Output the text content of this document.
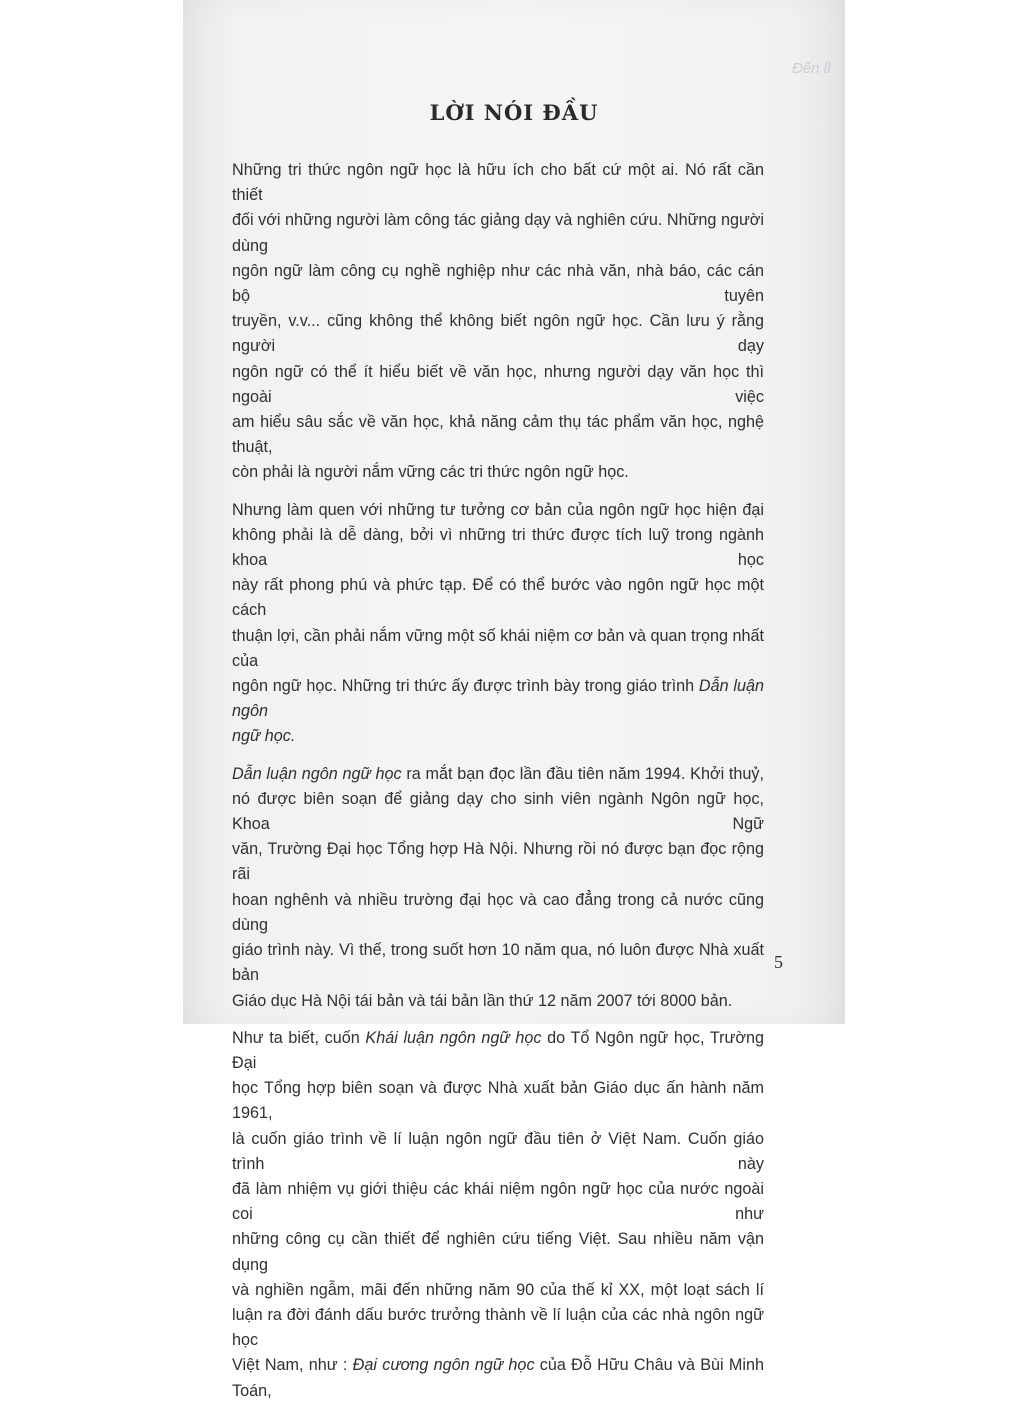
LỜI NÓI ĐẦU

Những tri thức ngôn ngữ học là hữu ích cho bất cứ một ai. Nó rất cần thiết
đối với những người làm công tác giảng dạy và nghiên cứu. Những người dùng
ngôn ngữ làm công cụ nghề nghiệp như các nhà văn, nhà báo, các cán bộ tuyên
truyền, v.v... cũng không thể không biết ngôn ngữ học. Cần lưu ý rằng người dạy
ngôn ngữ có thể ít hiểu biết về văn học, nhưng người dạy văn học thì ngoài việc
am hiểu sâu sắc về văn học, khả năng cảm thụ tác phẩm văn học, nghệ thuật,
còn phải là người nắm vững các tri thức ngôn ngữ học.

Nhưng làm quen với những tư tưởng cơ bản của ngôn ngữ học hiện đại
không phải là dễ dàng, bởi vì những tri thức được tích luỹ trong ngành khoa học
này rất phong phú và phức tạp. Để có thể bước vào ngôn ngữ học một cách
thuận lợi, cần phải nắm vững một số khái niệm cơ bản và quan trọng nhất của
ngôn ngữ học. Những tri thức ấy được trình bày trong giáo trình Dẫn luận ngôn
ngữ học.

Dẫn luận ngôn ngữ học ra mắt bạn đọc lần đầu tiên năm 1994. Khởi thuỷ,
nó được biên soạn để giảng dạy cho sinh viên ngành Ngôn ngữ học, Khoa Ngữ
văn, Trường Đại học Tổng hợp Hà Nội. Nhưng rồi nó được bạn đọc rộng rãi
hoan nghênh và nhiều trường đại học và cao đẳng trong cả nước cũng dùng
giáo trình này. Vì thế, trong suốt hơn 10 năm qua, nó luôn được Nhà xuất bản
Giáo dục Hà Nội tái bản và tái bản lần thứ 12 năm 2007 tới 8000 bản.

Như ta biết, cuốn Khái luận ngôn ngữ học do Tổ Ngôn ngữ học, Trường Đại
học Tổng hợp biên soạn và được Nhà xuất bản Giáo dục ấn hành năm 1961,
là cuốn giáo trình về lí luận ngôn ngữ đầu tiên ở Việt Nam. Cuốn giáo trình này
đã làm nhiệm vụ giới thiệu các khái niệm ngôn ngữ học của nước ngoài coi như
những công cụ cần thiết để nghiên cứu tiếng Việt. Sau nhiều năm vận dụng
và nghiền ngẫm, mãi đến những năm 90 của thế kỉ XX, một loạt sách lí
luận ra đời đánh dấu bước trưởng thành về lí luận của các nhà ngôn ngữ học
Việt Nam, như : Đại cương ngôn ngữ học của Đỗ Hữu Châu và Bùi Minh Toán,

Đến lì
5
